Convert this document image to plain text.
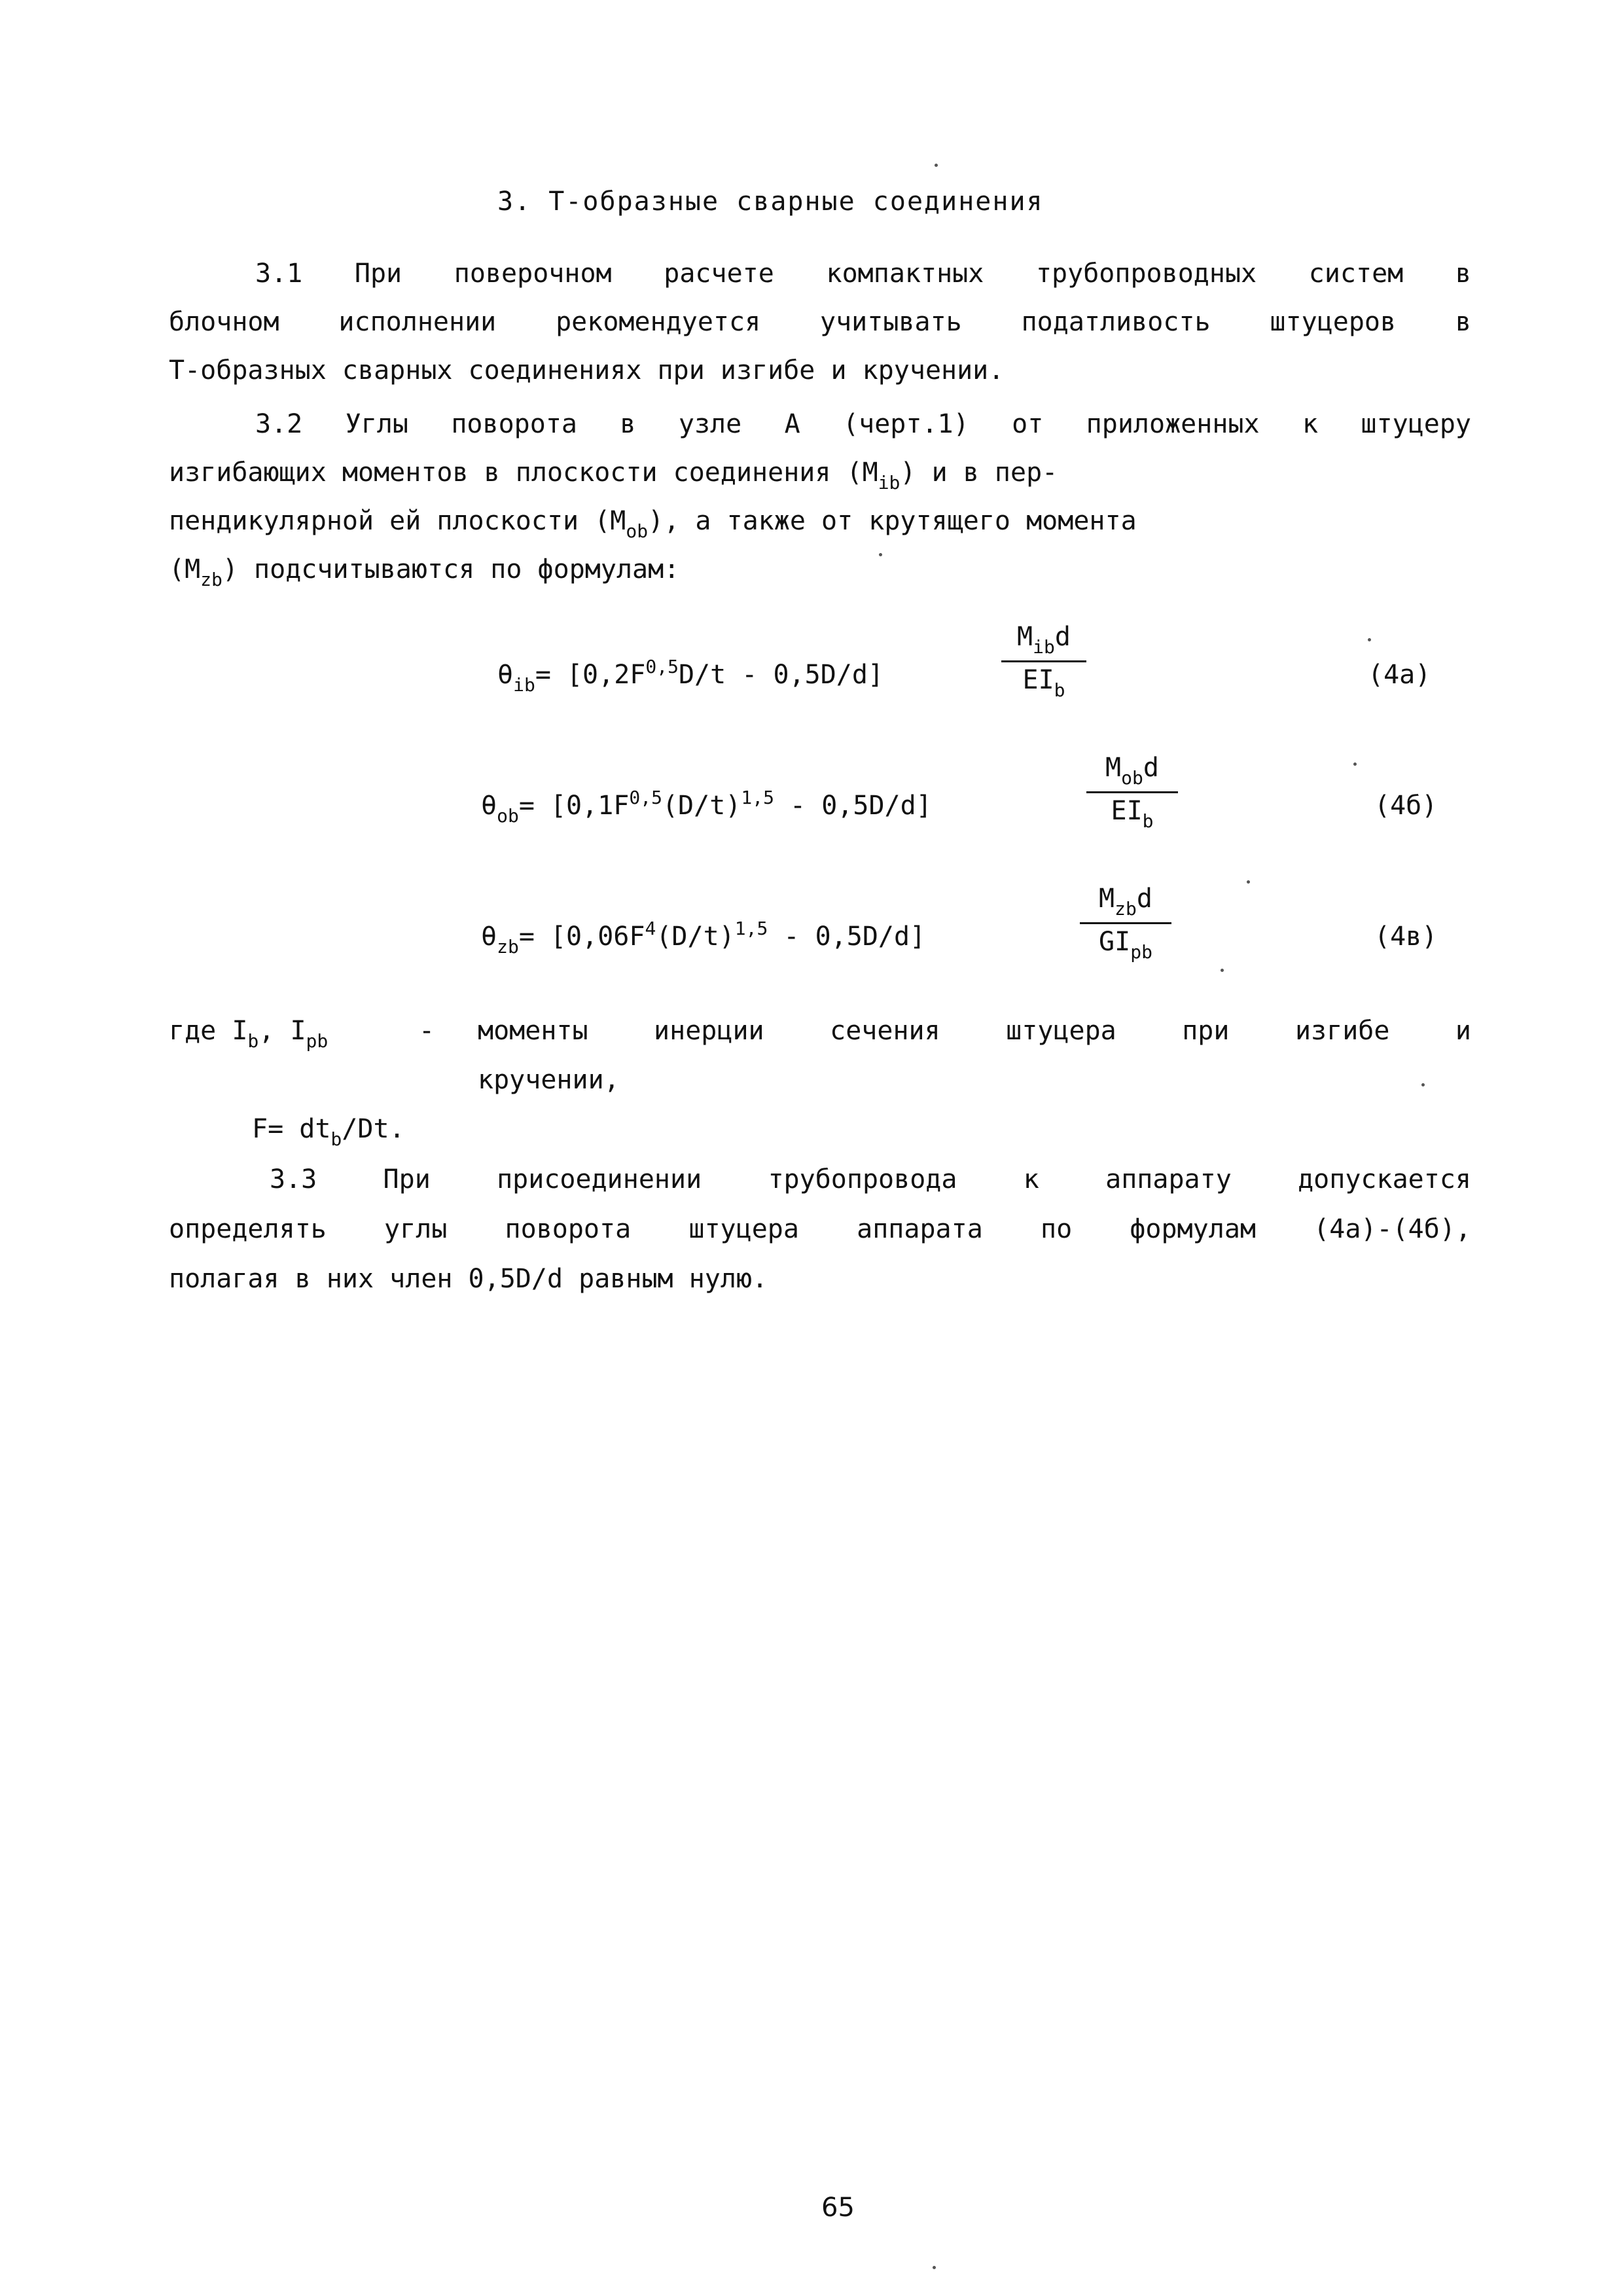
3. Т-образные сварные соединения
3.1 При поверочном расчете компактных трубопроводных систем в
блочном исполнении рекомендуется учитывать податливость штуцеров в
Т-образных сварных соединениях при изгибе и кручении.
3.2 Углы поворота в узле А (черт.1) от приложенных к штуцеру
изгибающих моментов в плоскости соединения $(M_{ib})$ и в пер-
пендикулярной ей плоскости $(M_{ob})$, а также от крутящего момента
$(M_{zb})$ подсчитываются по формулам:
$\theta_{ib}= [0,2F^{0,5}D/t - 0,5D/d]$
$M_{ib}d$
$EI_b$
(4а)
$\theta_{ob}= [0,1F^{0,5}(D/t)^{1,5} - 0,5D/d]$
$M_{ob}d$
$EI_b$
(4б)
$\theta_{zb}= [0,06F^4(D/t)^{1,5} - 0,5D/d]$
$M_{zb}d$
$GI_{pb}$
(4в)
где $I_b$, $I_{pb}$	-	моменты инерции сечения штуцера при изгибе и
кручении,
$F= dt_b/Dt$.
3.3 При присоединении трубопровода к аппарату допускается
определять углы поворота штуцера аппарата по формулам (4а)-(4б),
полагая в них член 0,5D/d равным нулю.
65
